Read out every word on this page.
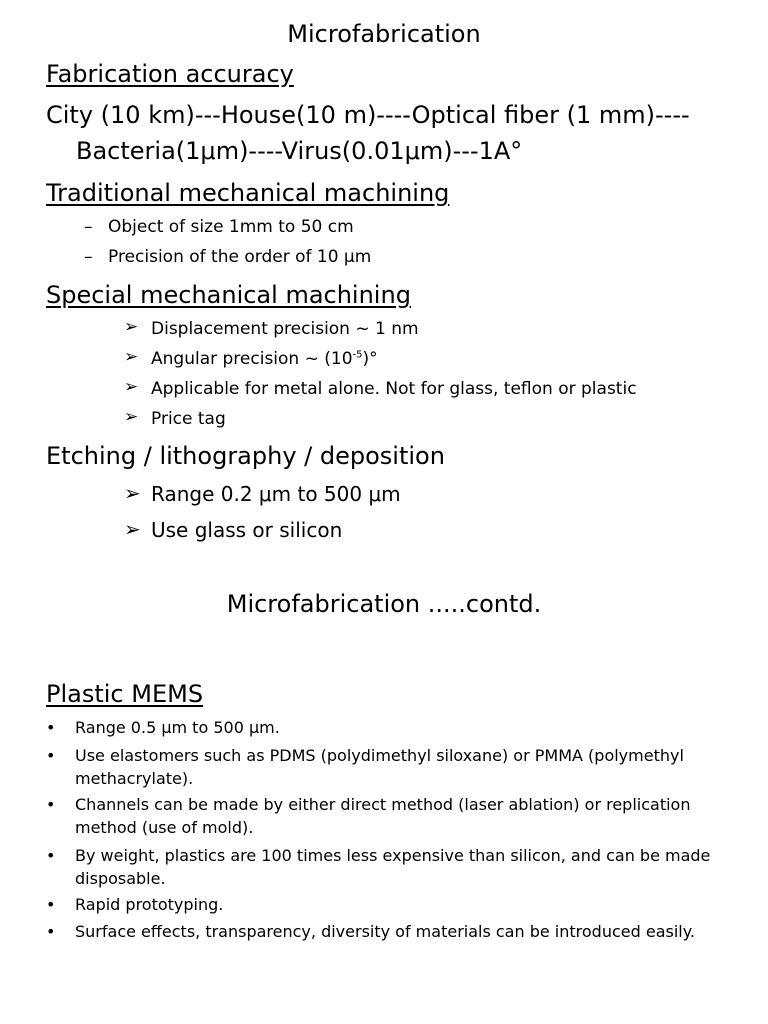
Microfabrication
Fabrication accuracy
City (10 km)---House(10 m)----Optical fiber (1 mm)----
Bacteria(1μm)----Virus(0.01μm)---1A°
Traditional mechanical machining
– Object of size 1mm to 50 cm
– Precision of the order of 10 μm
Special mechanical machining
➢ Displacement precision ~ 1 nm
➢ Angular precision ~ $(10^{-5})^\circ$
➢ Applicable for metal alone. Not for glass, teflon or plastic
➢ Price tag
Etching / lithography / deposition
➢ Range 0.2 μm to 500 μm
➢ Use glass or silicon
Microfabrication .....contd.
Plastic MEMS
• Range 0.5 μm to 500 μm.
• Use elastomers such as PDMS (polydimethyl siloxane) or PMMA (polymethyl
methacrylate).
• Channels can be made by either direct method (laser ablation) or replication
method (use of mold).
• By weight, plastics are 100 times less expensive than silicon, and can be made
disposable.
• Rapid prototyping.
• Surface effects, transparency, diversity of materials can be introduced easily.
